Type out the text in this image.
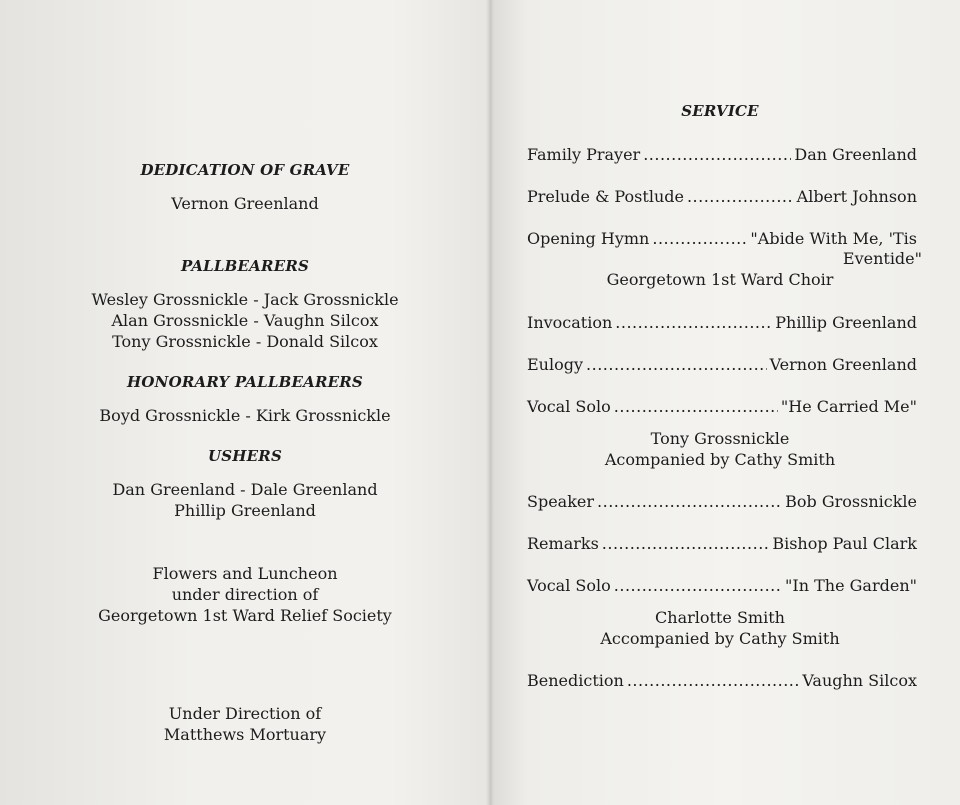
DEDICATION OF GRAVE
Vernon Greenland
PALLBEARERS
Wesley Grossnickle - Jack Grossnickle
Alan Grossnickle - Vaughn Silcox
Tony Grossnickle - Donald Silcox
HONORARY PALLBEARERS
Boyd Grossnickle - Kirk Grossnickle
USHERS
Dan Greenland - Dale Greenland
Phillip Greenland
Flowers and Luncheon
under direction of
Georgetown 1st Ward Relief Society
Under Direction of
Matthews Mortuary
SERVICE
Family Prayer .....	Dan Greenland
Prelude & Postlude .....	Albert Johnson
Opening Hymn .....	"Abide With Me, 'Tis
Eventide"
Georgetown 1st Ward Choir
Invocation .....	Phillip Greenland
Eulogy .....	Vernon Greenland
Vocal Solo .....	"He Carried Me"
Tony Grossnickle
Acompanied by Cathy Smith
Speaker .....	Bob Grossnickle
Remarks .....	Bishop Paul Clark
Vocal Solo .....	"In The Garden"
Charlotte Smith
Accompanied by Cathy Smith
Benediction .....	Vaughn Silcox
